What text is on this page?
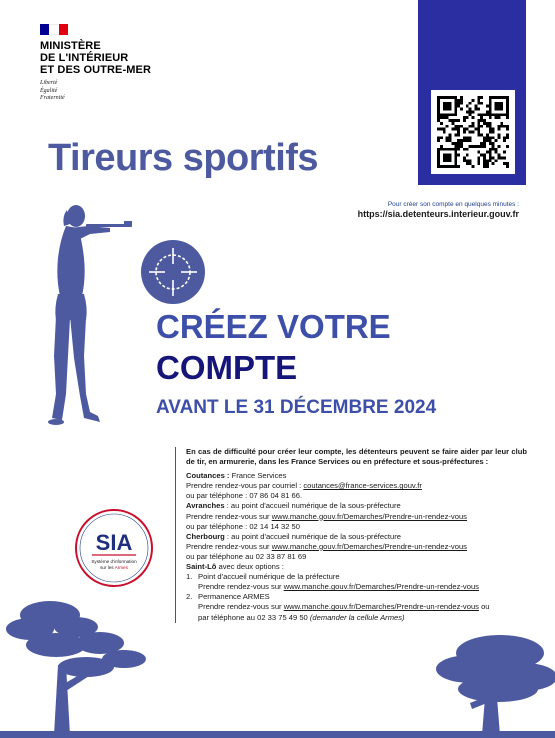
MINISTÈRE
DE L'INTÉRIEUR
ET DES OUTRE-MER
Liberté
Égalité
Fraternité
Pour créer son compte en quelques minutes :
https://sia.detenteurs.interieur.gouv.fr
Tireurs sportifs
CRÉEZ VOTRE
COMPTE
AVANT LE 31 DÉCEMBRE 2024
En cas de difficulté pour créer leur compte, les détenteurs peuvent se faire aider par leur club de tir, en armurerie, dans les France Services ou en préfecture et sous-préfectures :
Coutances : France Services
Prendre rendez-vous par courriel : coutances@france-services.gouv.fr
ou par téléphone : 07 86 04 81 66.
Avranches : au point d'accueil numérique de la sous-préfecture
Prendre rendez-vous sur www.manche.gouv.fr/Demarches/Prendre-un-rendez-vous
ou par téléphone : 02 14 14 32 50
Cherbourg : au point d'accueil numérique de la sous-préfecture
Prendre rendez-vous sur www.manche.gouv.fr/Demarches/Prendre-un-rendez-vous
ou par téléphone au 02 33 87 81 69
Saint-Lô avec deux options :
1. Point d'accueil numérique de la préfecture
Prendre rendez-vous sur www.manche.gouv.fr/Demarches/Prendre-un-rendez-vous
2. Permanence ARMES
Prendre rendez-vous sur www.manche.gouv.fr/Demarches/Prendre-un-rendez-vous ou
par téléphone au 02 33 75 49 50 (demander la cellule Armes)
SIA
Système d'information
sur les Armes
